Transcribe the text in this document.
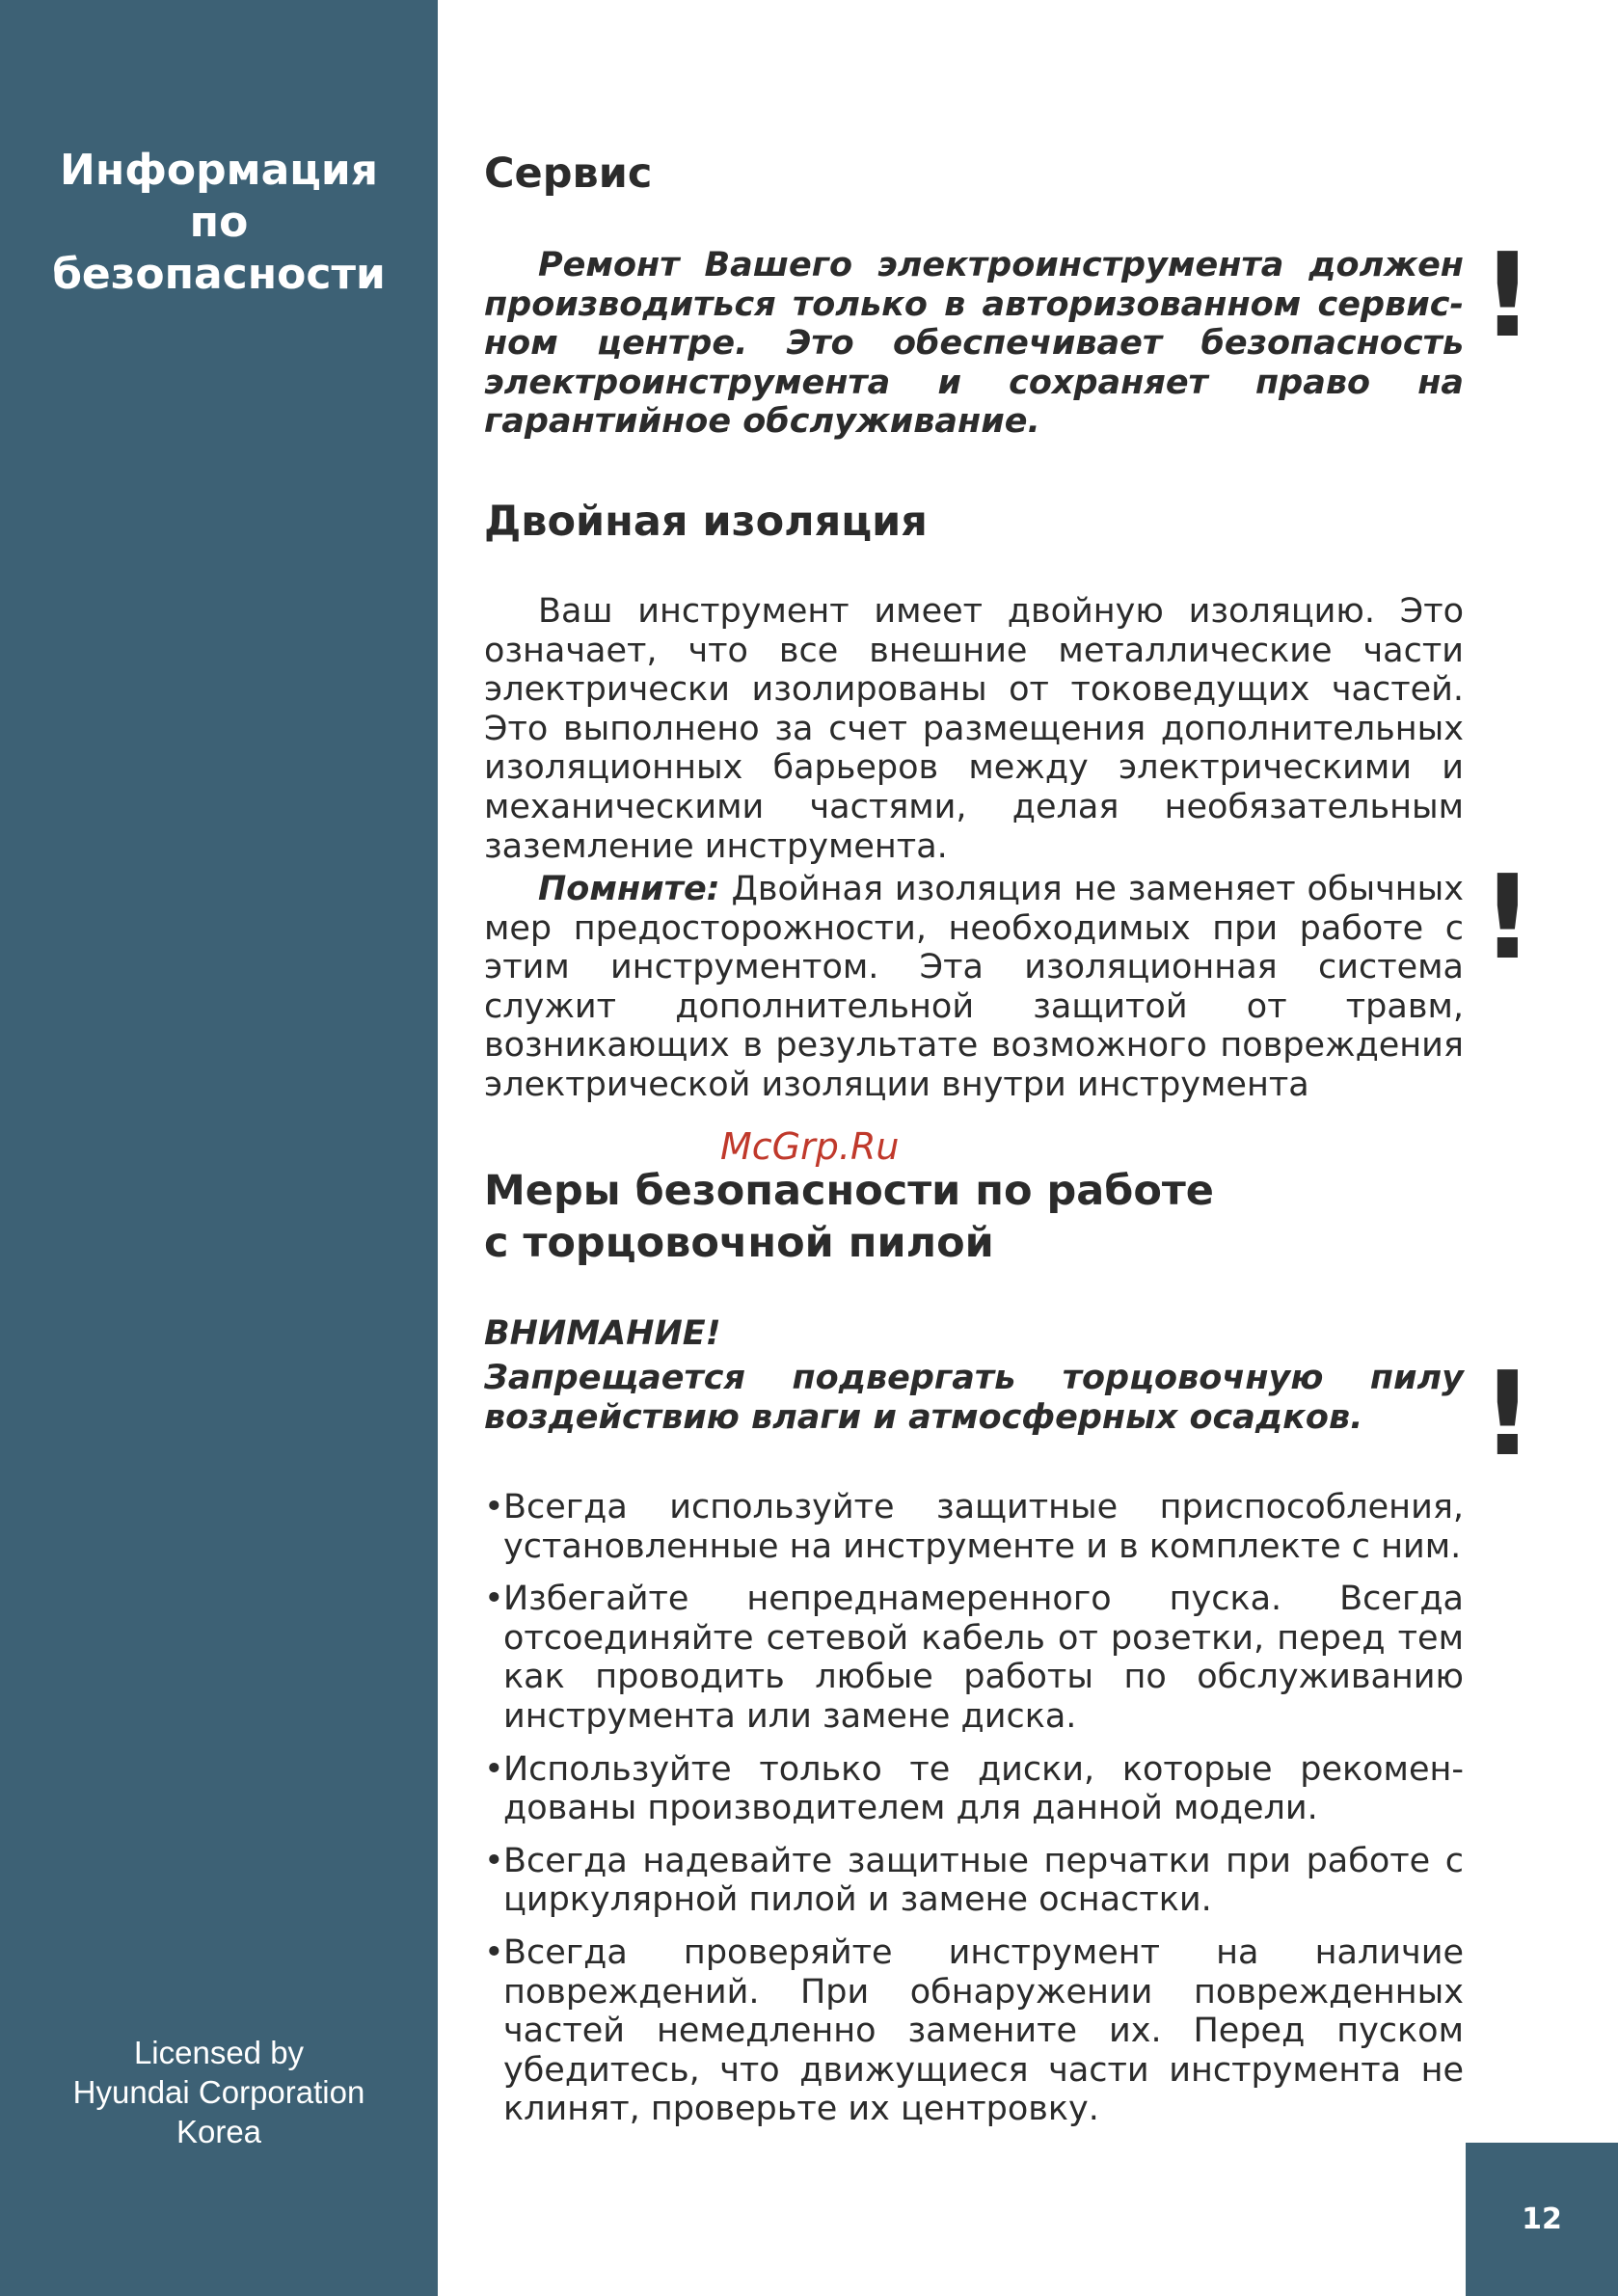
Информация
по
безопасности
Licensed by
Hyundai Corporation
Korea
12
Сервис

Ремонт Вашего электроинструмента должен производиться только в авторизованном сервис-ном центре. Это обеспечивает безопасность электроинструмента и сохраняет право на гарантийное обслуживание.

Двойная изоляция

Ваш инструмент имеет двойную изоляцию. Это означает, что все внешние металлические части электрически изолированы от токоведущих частей. Это выполнено за счет размещения дополнительных изоляционных барьеров между электрическими и механическими частями, делая необязательным заземление инструмента.

Помните: Двойная изоляция не заменяет обычных мер предосторожности, необходимых при работе с этим инструментом. Эта изоляционная система служит дополнительной защитой от травм, возникающих в результате возможного повреждения электрической изоляции внутри инструмента

Меры безопасности по работе
с торцовочной пилой

ВНИМАНИЕ!

Запрещается подвергать торцовочную пилу воздействию влаги и атмосферных осадков.

• Всегда используйте защитные приспособления, установленные на инструменте и в комплекте с ним.
• Избегайте непреднамеренного пуска. Всегда отсоединяйте сетевой кабель от розетки, перед тем как проводить любые работы по обслуживанию инструмента или замене диска.
• Используйте только те диски, которые рекомен-дованы производителем для данной модели.
• Всегда надевайте защитные перчатки при работе с циркулярной пилой и замене оснастки.
• Всегда проверяйте инструмент на наличие повреждений. При обнаружении поврежденных частей немедленно замените их. Перед пуском убедитесь, что движущиеся части инструмента не клинят, проверьте их центровку.
McGrp.Ru
!
!
!
